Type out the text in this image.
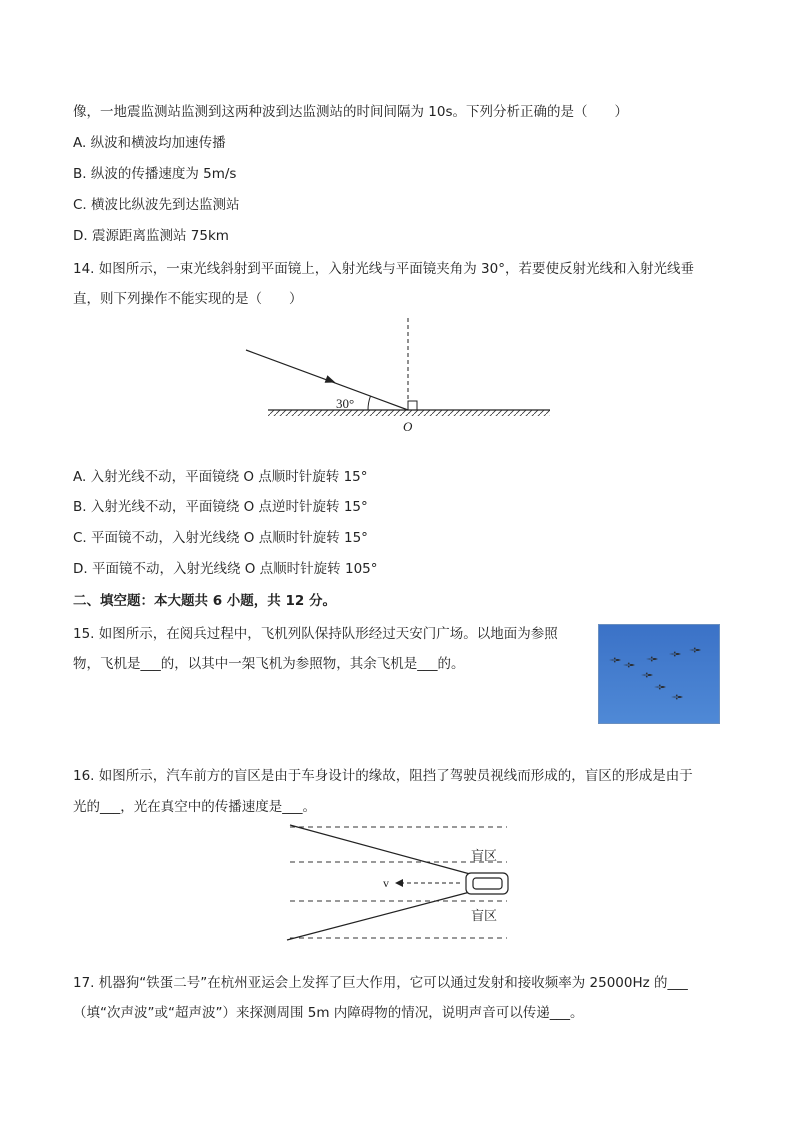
像，一地震监测站监测到这两种波到达监测站的时间间隔为 10s。下列分析正确的是（　　）
A. 纵波和横波均加速传播
B. 纵波的传播速度为 5m/s
C. 横波比纵波先到达监测站
D. 震源距离监测站 75km
14. 如图所示，一束光线斜射到平面镜上，入射光线与平面镜夹角为 30°，若要使反射光线和入射光线垂
直，则下列操作不能实现的是（　　）
30°
O
A. 入射光线不动，平面镜绕 O 点顺时针旋转 15°
B. 入射光线不动，平面镜绕 O 点逆时针旋转 15°
C. 平面镜不动，入射光线绕 O 点顺时针旋转 15°
D. 平面镜不动，入射光线绕 O 点顺时针旋转 105°
二、填空题：本大题共 6 小题，共 12 分。
15. 如图所示，在阅兵过程中，飞机列队保持队形经过天安门广场。以地面为参照
物，飞机是___的，以其中一架飞机为参照物，其余飞机是___的。
16. 如图所示，汽车前方的盲区是由于车身设计的缘故，阻挡了驾驶员视线而形成的，盲区的形成是由于
光的___，光在真空中的传播速度是___。
v
盲区
盲区
17. 机器狗“铁蛋二号”在杭州亚运会上发挥了巨大作用，它可以通过发射和接收频率为 25000Hz 的___
（填“次声波”或“超声波”）来探测周围 5m 内障碍物的情况，说明声音可以传递___。
